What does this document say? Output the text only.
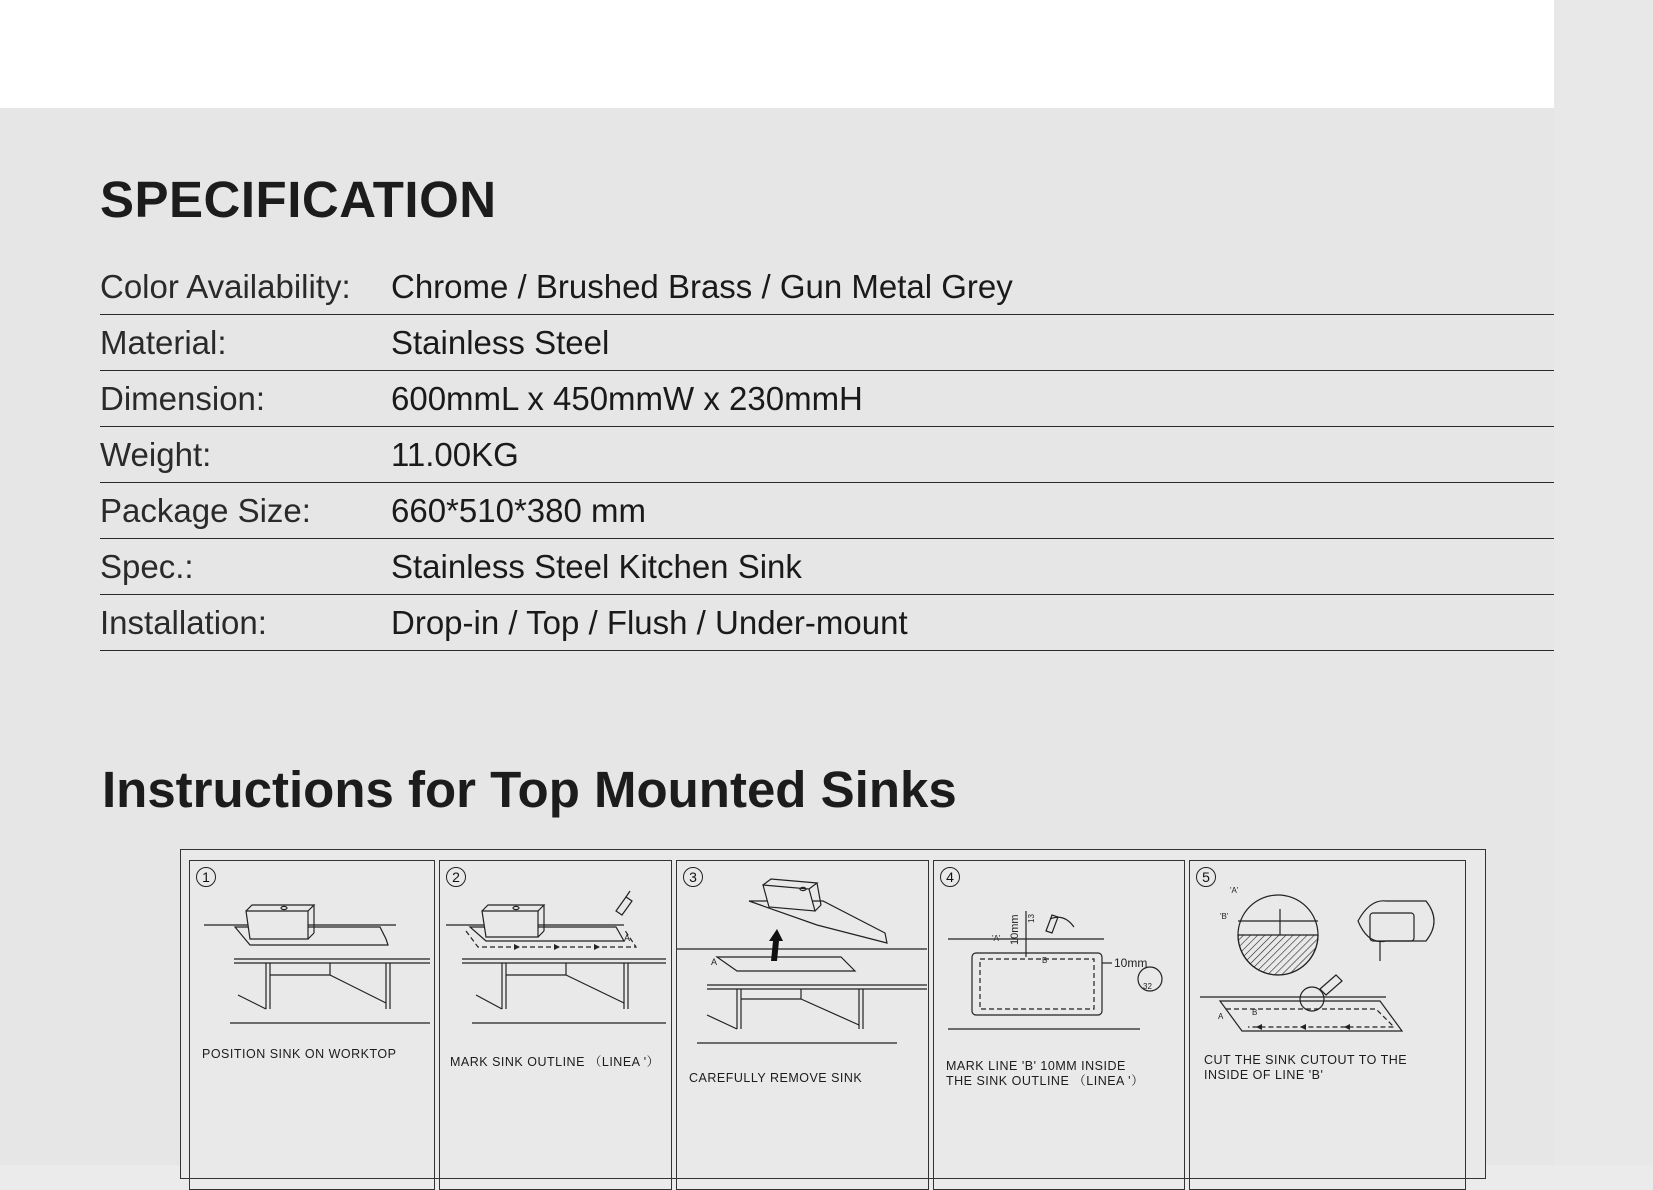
SPECIFICATION
Color Availability: Chrome / Brushed Brass / Gun Metal Grey
Material:	Stainless Steel
Dimension:	600mmL x 450mmW x 230mmH
Weight:	11.00KG
Package Size: 660*510*380 mm
Spec.:	Stainless Steel Kitchen Sink
Installation:	Drop-in / Top / Flush / Under-mount
Instructions for Top Mounted Sinks
1
POSITION SINK ON WORKTOP
2
A
MARK SINK OUTLINE （LINEA '）
3
A
CAREFULLY REMOVE SINK
4
10mm 13
'A'
B	10mm
32
MARK LINE 'B' 10MM INSIDE
THE SINK OUTLINE （LINEA '）
5
'A'
'B'
A	B
CUT THE SINK CUTOUT TO THE
INSIDE OF LINE 'B'
